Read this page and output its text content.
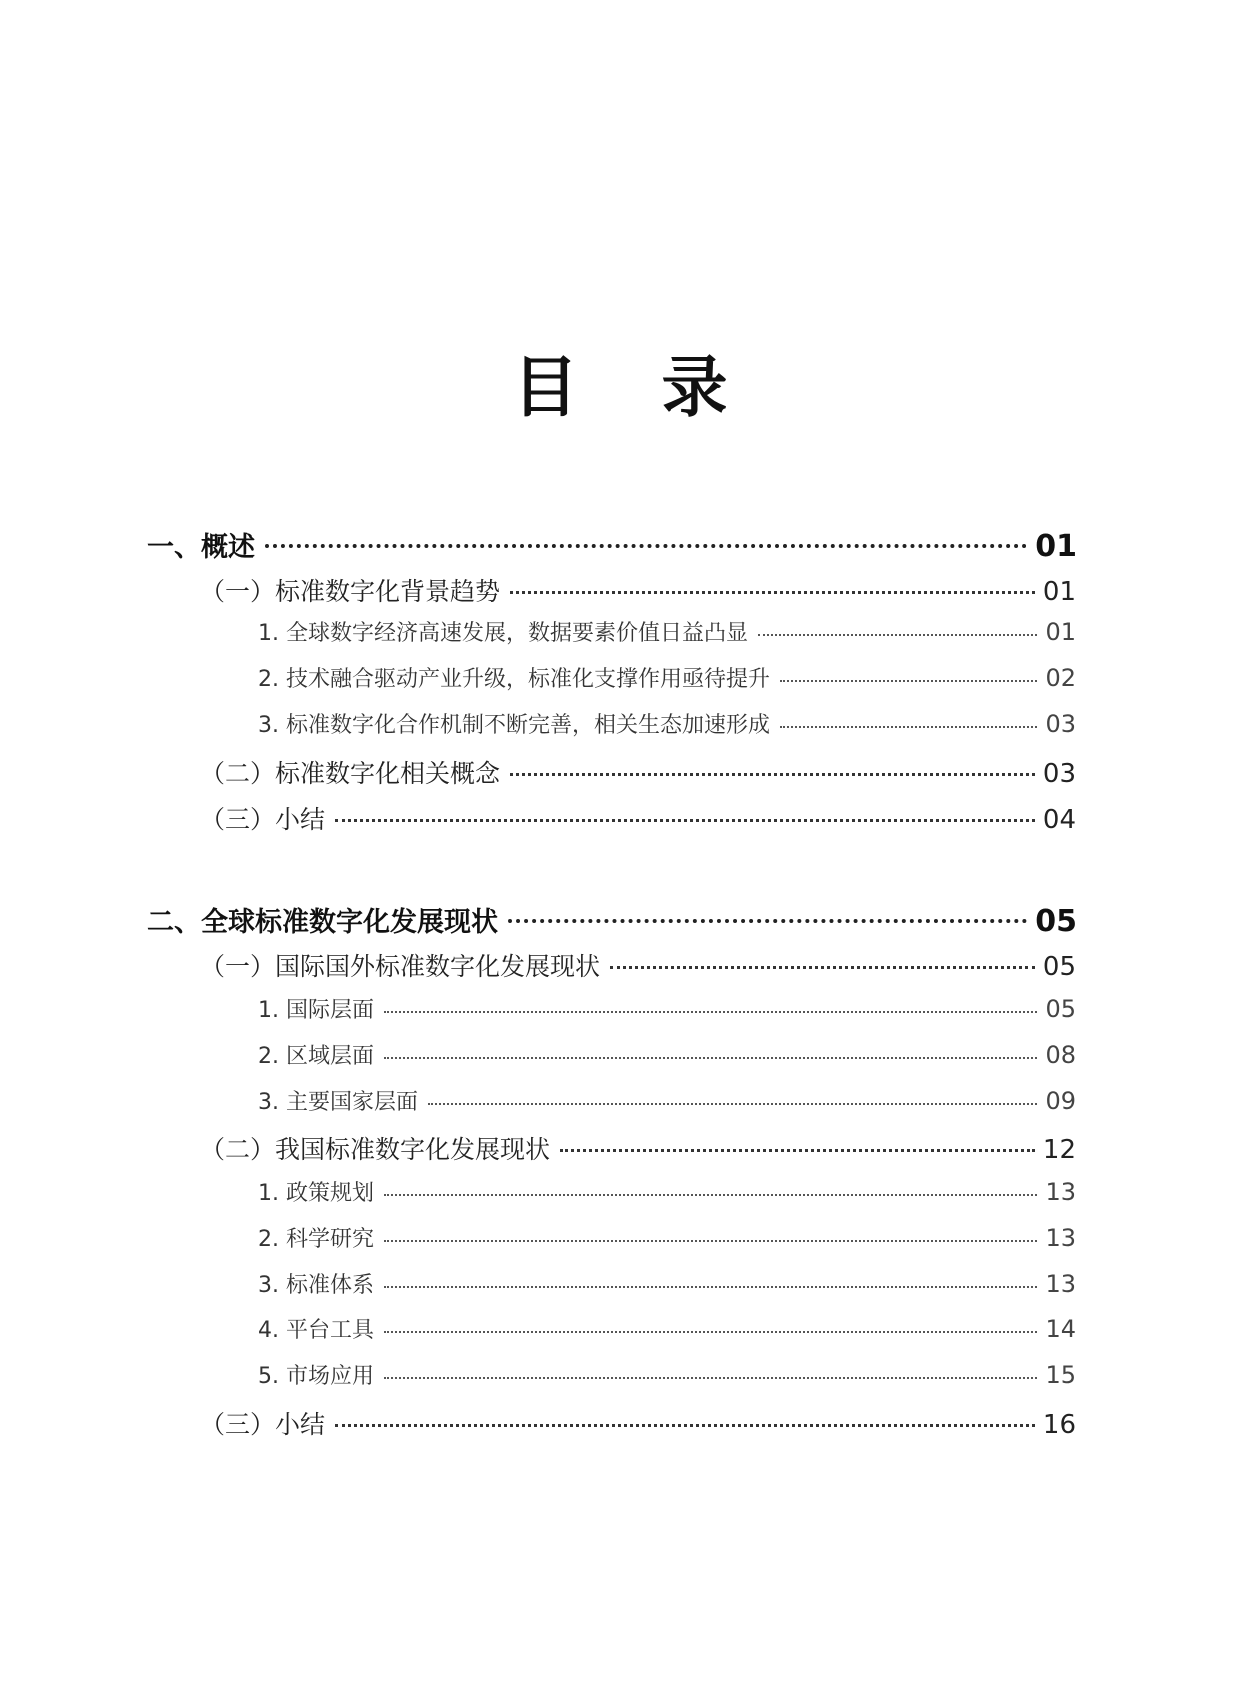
目 录
一、概述	01
（一）标准数字化背景趋势	01
1. 全球数字经济高速发展，数据要素价值日益凸显	01
2. 技术融合驱动产业升级，标准化支撑作用亟待提升	02
3. 标准数字化合作机制不断完善，相关生态加速形成	03
（二）标准数字化相关概念	03
（三）小结	04
二、全球标准数字化发展现状	05
（一）国际国外标准数字化发展现状	05
1. 国际层面	05
2. 区域层面	08
3. 主要国家层面	09
（二）我国标准数字化发展现状	12
1. 政策规划	13
2. 科学研究	13
3. 标准体系	13
4. 平台工具	14
5. 市场应用	15
（三）小结	16
